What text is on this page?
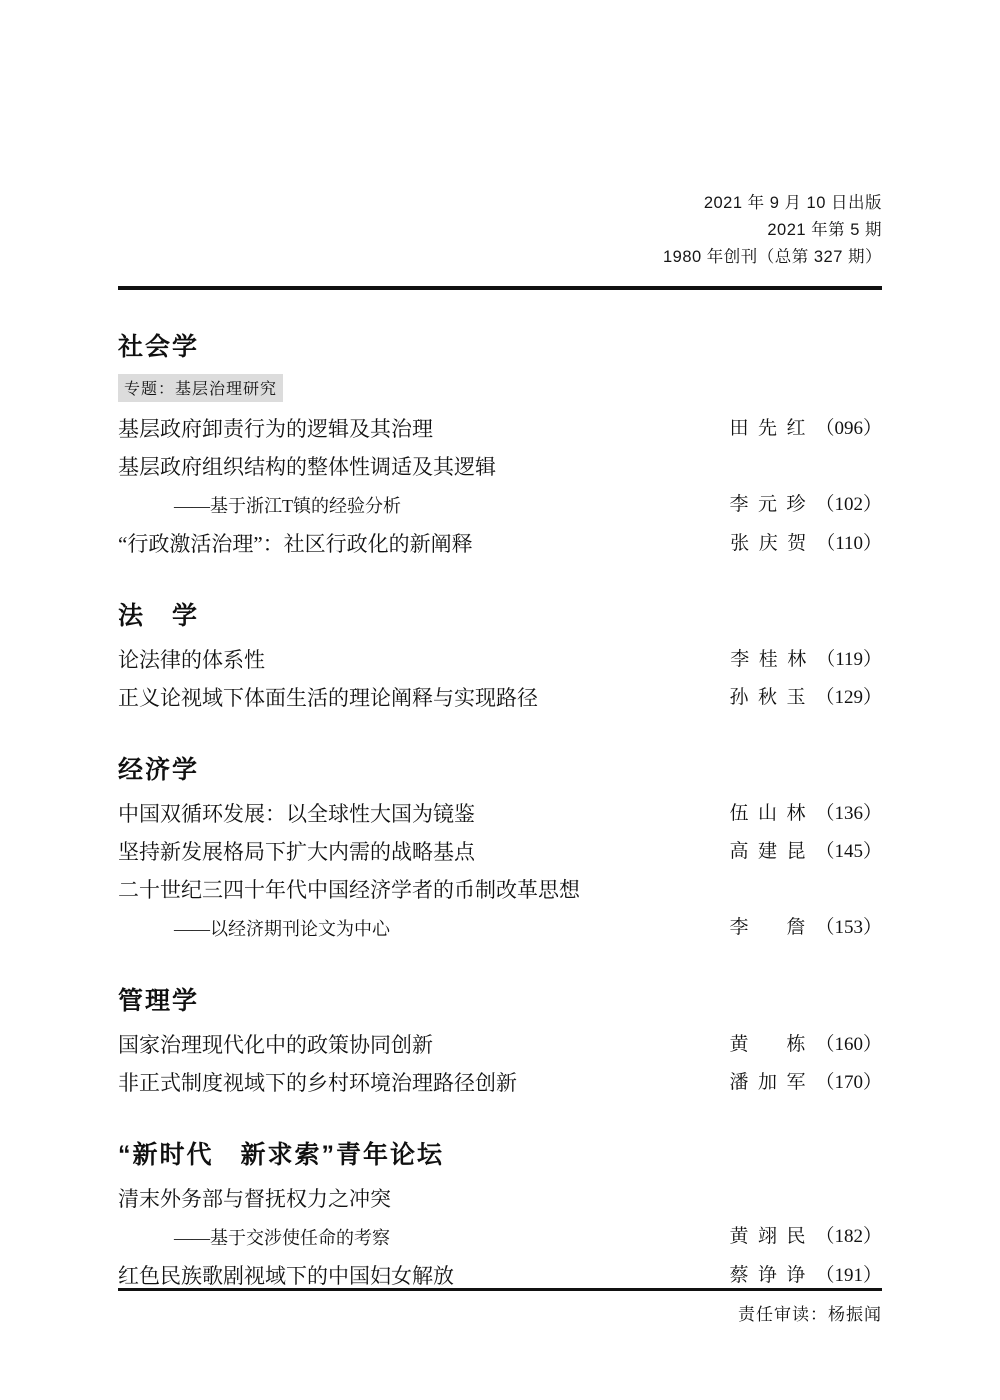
2021 年 9 月 10 日出版
2021 年第 5 期
1980 年创刊（总第 327 期）
社会学
专题：基层治理研究
基层政府卸责行为的逻辑及其治理	田先红 （096）
基层政府组织结构的整体性调适及其逻辑
——基于浙江T镇的经验分析	李元珍 （102）
“行政激活治理”：社区行政化的新阐释	张庆贺 （110）
法　学
论法律的体系性	李桂林 （119）
正义论视域下体面生活的理论阐释与实现路径	孙秋玉 （129）
经济学
中国双循环发展：以全球性大国为镜鉴	伍山林 （136）
坚持新发展格局下扩大内需的战略基点	高建昆 （145）
二十世纪三四十年代中国经济学者的币制改革思想
——以经济期刊论文为中心	李　詹 （153）
管理学
国家治理现代化中的政策协同创新	黄　栋 （160）
非正式制度视域下的乡村环境治理路径创新	潘加军 （170）
“新时代　新求索”青年论坛
清末外务部与督抚权力之冲突
——基于交涉使任命的考察	黄翊民 （182）
红色民族歌剧视域下的中国妇女解放	蔡诤诤 （191）
责任审读：杨振闻
